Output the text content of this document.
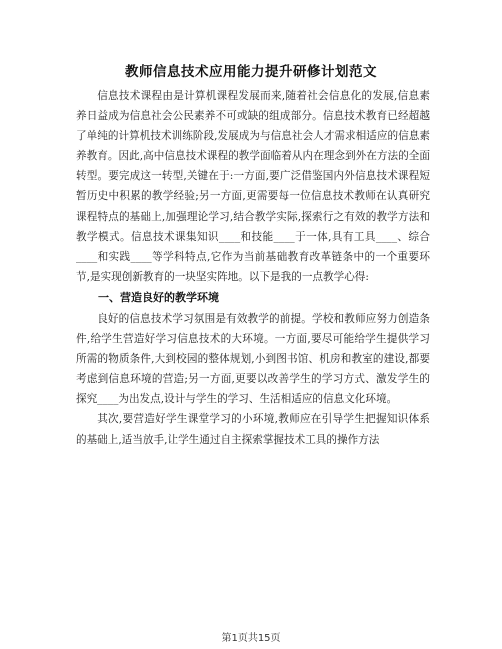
教师信息技术应用能力提升研修计划范文

信息技术课程由是计算机课程发展而来,随着社会信息化的发展,信息素养日益成为信息社会公民素养不可或缺的组成部分。信息技术教育已经超越了单纯的计算机技术训练阶段,发展成为与信息社会人才需求相适应的信息素养教育。因此,高中信息技术课程的教学面临着从内在理念到外在方法的全面转型。要完成这一转型,关键在于:一方面,要广泛借鉴国内外信息技术课程短暂历史中积累的教学经验;另一方面,更需要每一位信息技术教师在认真研究课程特点的基础上,加强理论学习,结合教学实际,探索行之有效的教学方法和教学模式。信息技术课集知识____和技能____于一体,具有工具____、综合____和实践____等学科特点,它作为当前基础教育改革链条中的一个重要环节,是实现创新教育的一块坚实阵地。以下是我的一点教学心得:

一、营造良好的教学环境

良好的信息技术学习氛围是有效教学的前提。学校和教师应努力创造条件,给学生营造好学习信息技术的大环境。一方面,要尽可能给学生提供学习所需的物质条件,大到校园的整体规划,小到图书馆、机房和教室的建设,都要考虑到信息环境的营造;另一方面,更要以改善学生的学习方式、激发学生的探究____为出发点,设计与学生的学习、生活相适应的信息文化环境。

其次,要营造好学生课堂学习的小环境,教师应在引导学生把握知识体系的基础上,适当放手,让学生通过自主探索掌握技术工具的操作方法

第1页共15页
